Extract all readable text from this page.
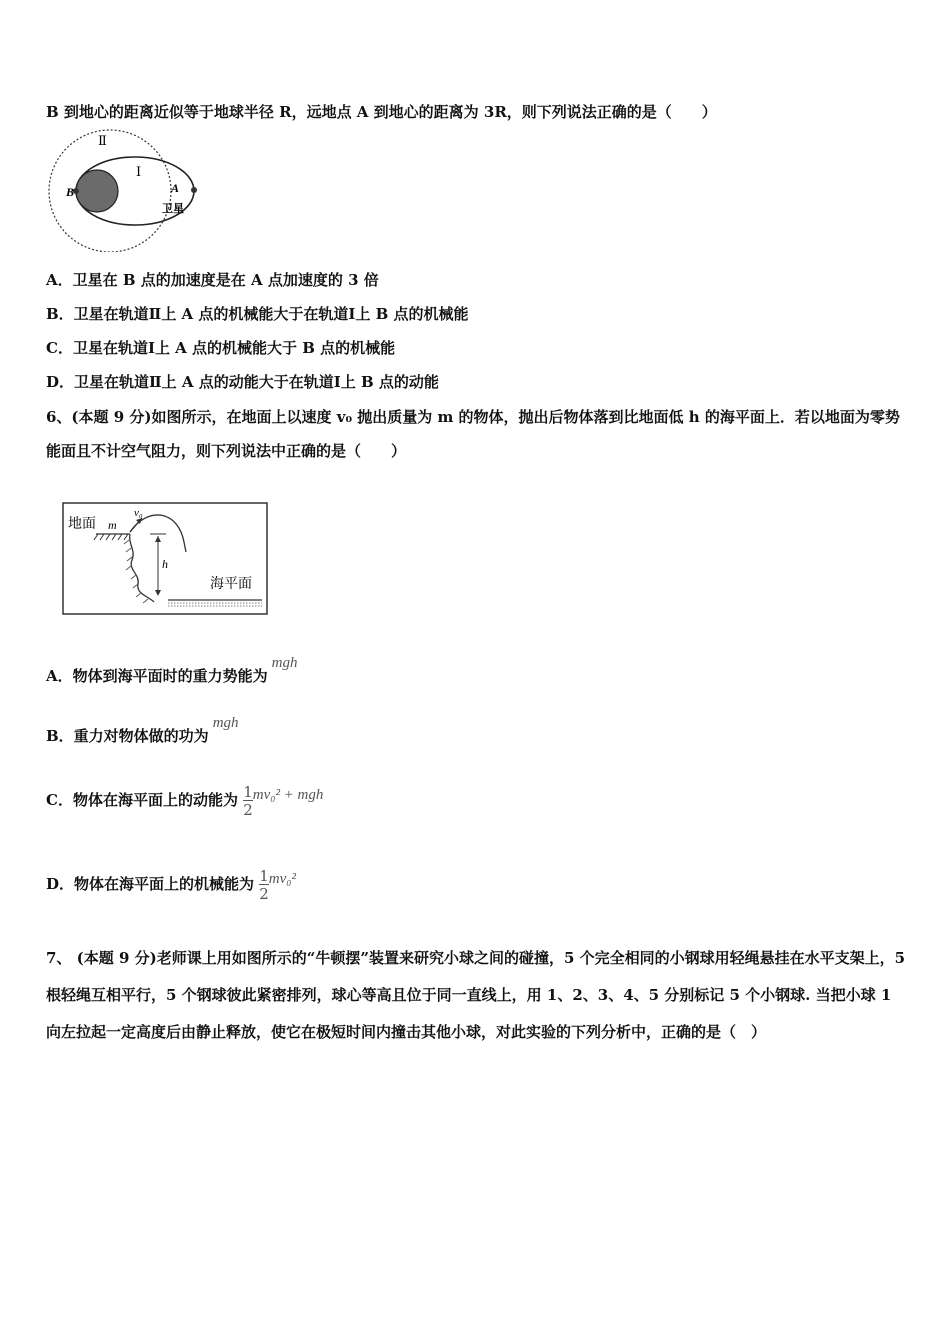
B 到地心的距离近似等于地球半径 R，远地点 A 到地心的距离为 3R，则下列说法正确的是（　　）
Ⅱ
Ⅰ
B	A
卫星
A．卫星在 B 点的加速度是在 A 点加速度的 3 倍
B．卫星在轨道Ⅱ上 A 点的机械能大于在轨道Ⅰ上 B 点的机械能
C．卫星在轨道Ⅰ上 A 点的机械能大于 B 点的机械能
D．卫星在轨道Ⅱ上 A 点的动能大于在轨道Ⅰ上 B 点的动能
6、(本题 9 分)如图所示，在地面上以速度 v₀ 抛出质量为 m 的物体，抛出后物体落到比地面低 h 的海平面上．若以地面为零势能面且不计空气阻力，则下列说法中正确的是（　　）
地面
海平面
v₀
m
h
A．物体到海平面时的重力势能为mgh
B．重力对物体做的功为mgh
C．物体在海平面上的动能为 $\frac{1}{2} mv_0^2$ + mgh
D．物体在海平面上的机械能为 $\frac{1}{2} mv_0^2$
7、 (本题 9 分)老师课上用如图所示的“牛顿摆”装置来研究小球之间的碰撞，5 个完全相同的小钢球用轻绳悬挂在水平支架上，5 根轻绳互相平行，5 个钢球彼此紧密排列，球心等高且位于同一直线上，用 1、2、3、4、5 分别标记 5 个小钢球. 当把小球 1 向左拉起一定高度后由静止释放，使它在极短时间内撞击其他小球，对此实验的下列分析中，正确的是（　）
